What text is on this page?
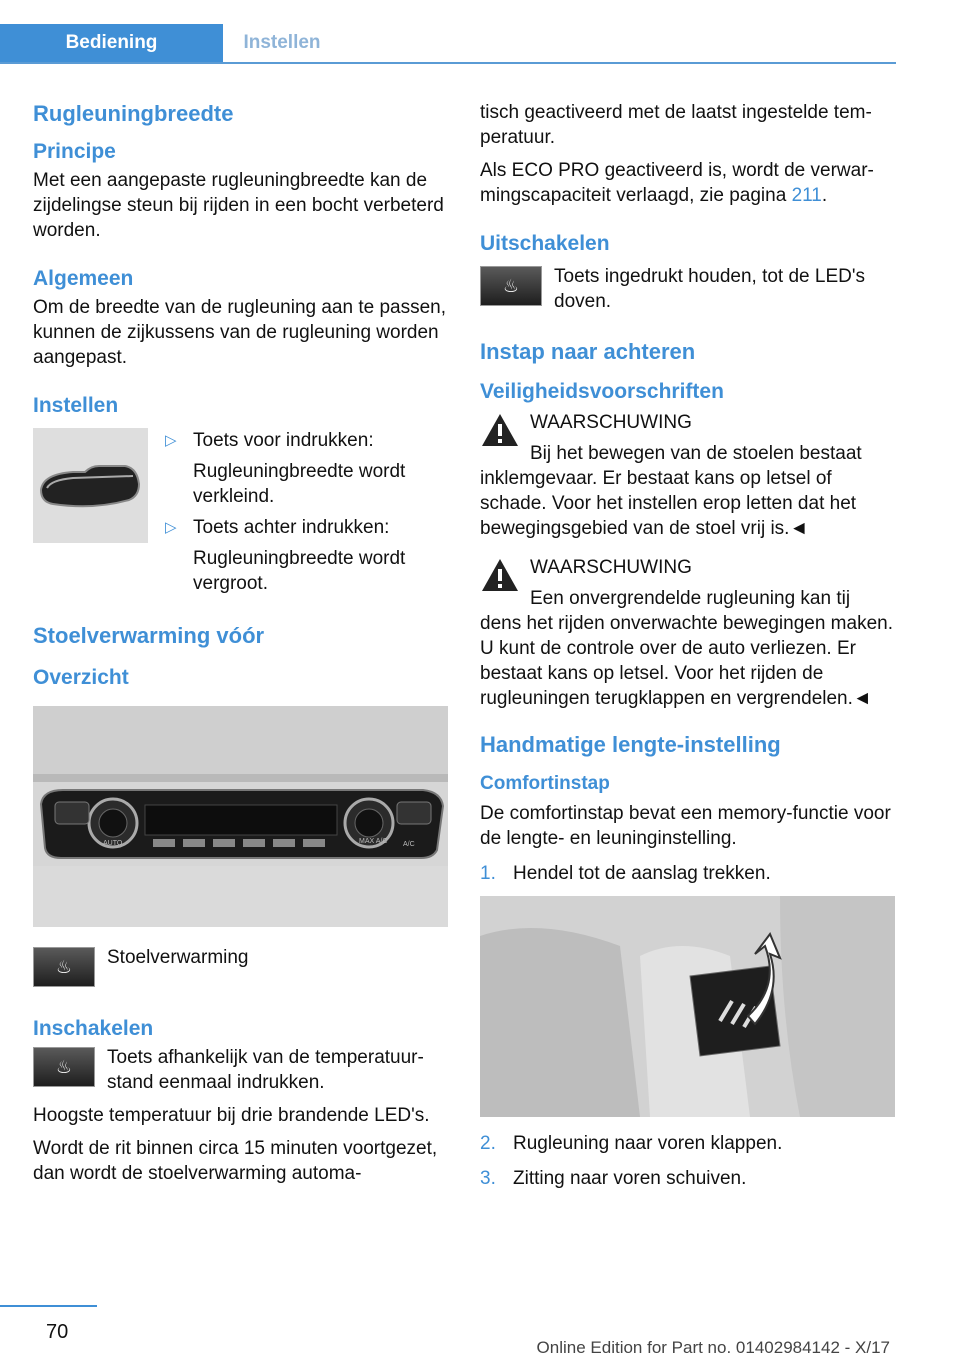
Bediening	Instellen
Rugleuningbreedte
Principe

Met een aangepaste rugleuningbreedte kan de zijdelingse steun bij rijden in een bocht verbeterd worden.

Algemeen

Om de breedte van de rugleuning aan te passen, kunnen de zijkussens van de rugleuning worden aangepast.

Instellen
▷ Toets voor indrukken:
Rugleuningbreedte wordt verkleind.
▷ Toets achter indrukken:
Rugleuningbreedte wordt vergroot.
Stoelverwarming vóór
Overzicht
AUTO	MAX A/C A/C
♨	Stoelverwarming
Inschakelen
♨	Toets afhankelijk van de temperatuurstand eenmaal indrukken.

Hoogste temperatuur bij drie brandende LED's.

Wordt de rit binnen circa 15 minuten voortgezet, dan wordt de stoelverwarming automa-

tisch geactiveerd met de laatst ingestelde temperatuur.

Als ECO PRO geactiveerd is, wordt de verwarmingscapaciteit verlaagd, zie pagina 211.

Uitschakelen
♨	Toets ingedrukt houden, tot de LED's doven.
Instap naar achteren
Veiligheidsvoorschriften
WAARSCHUWING
Bij het bewegen van de stoelen bestaat

inklemgevaar. Er bestaat kans op letsel of schade. Voor het instellen erop letten dat het bewegingsgebied van de stoel vrij is.◄

WAARSCHUWING
Een onvergrendelde rugleuning kan tij

dens het rijden onverwachte bewegingen maken. U kunt de controle over de auto verliezen. Er bestaat kans op letsel. Voor het rijden de rugleuningen terugklappen en vergrendelen.◄

Handmatige lengte-instelling
Comfortinstap

De comfortinstap bevat een memory-functie voor de lengte- en leuninginstelling.

1. Hendel tot de aanslag trekken.
2. Rugleuning naar voren klappen.
3. Zitting naar voren schuiven.
70
Online Edition for Part no. 01402984142 - X/17
